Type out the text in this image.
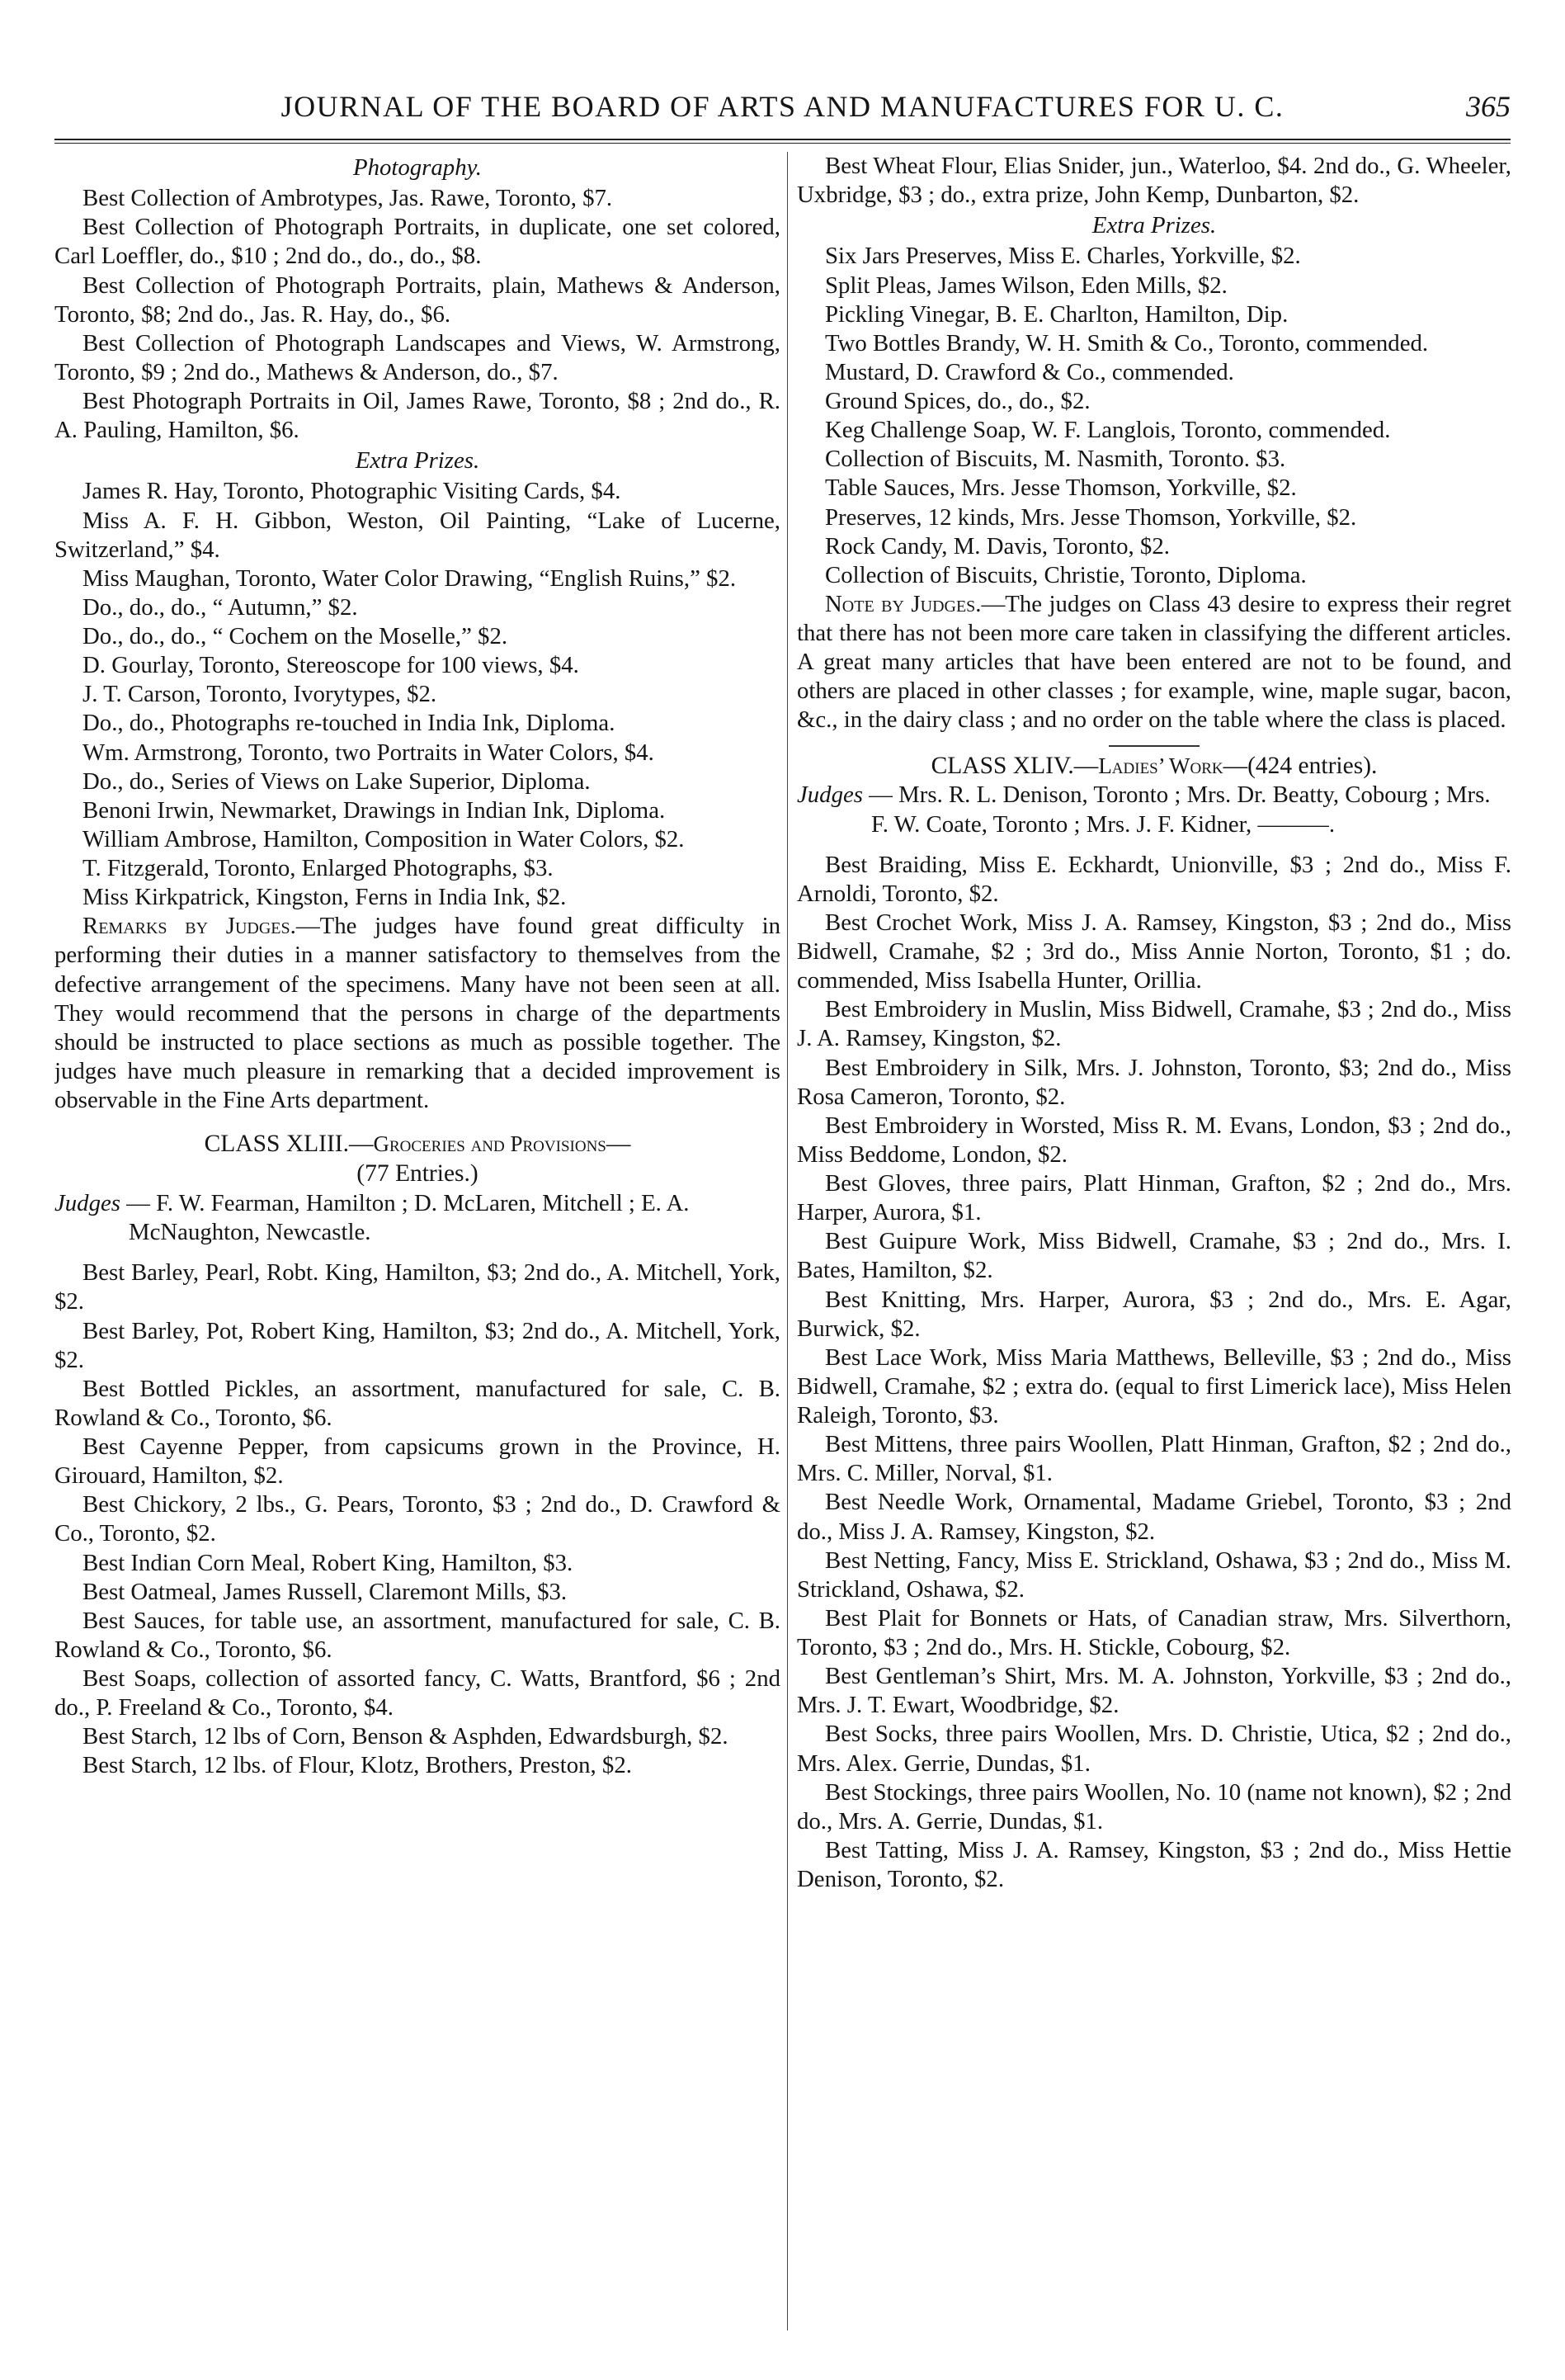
JOURNAL OF THE BOARD OF ARTS AND MANUFACTURES FOR U. C.	365

Photography.

Best Collection of Ambrotypes, Jas. Rawe, Toronto, $7.

Best Collection of Photograph Portraits, in duplicate, one set colored, Carl Loeffler, do., $10 ; 2nd do., do., do., $8.

Best Collection of Photograph Portraits, plain, Mathews & Anderson, Toronto, $8; 2nd do., Jas. R. Hay, do., $6.

Best Collection of Photograph Landscapes and Views, W. Armstrong, Toronto, $9 ; 2nd do., Mathews & Anderson, do., $7.

Best Photograph Portraits in Oil, James Rawe, Toronto, $8 ; 2nd do., R. A. Pauling, Hamilton, $6.

Extra Prizes.

James R. Hay, Toronto, Photographic Visiting Cards, $4.

Miss A. F. H. Gibbon, Weston, Oil Painting, “Lake of Lucerne, Switzerland,” $4.

Miss Maughan, Toronto, Water Color Drawing, “English Ruins,” $2.

Do., do., do., “ Autumn,” $2.

Do., do., do., “ Cochem on the Moselle,” $2.

D. Gourlay, Toronto, Stereoscope for 100 views, $4.

J. T. Carson, Toronto, Ivorytypes, $2.

Do., do., Photographs re-touched in India Ink, Diploma.

Wm. Armstrong, Toronto, two Portraits in Water Colors, $4.

Do., do., Series of Views on Lake Superior, Diploma.

Benoni Irwin, Newmarket, Drawings in Indian Ink, Diploma.

William Ambrose, Hamilton, Composition in Water Colors, $2.

T. Fitzgerald, Toronto, Enlarged Photographs, $3.

Miss Kirkpatrick, Kingston, Ferns in India Ink, $2.

Remarks by Judges.—The judges have found great difficulty in performing their duties in a manner satisfactory to themselves from the defective arrangement of the specimens. Many have not been seen at all. They would recommend that the persons in charge of the departments should be instructed to place sections as much as possible together. The judges have much pleasure in remarking that a decided improvement is observable in the Fine Arts department.

CLASS XLIII.—Groceries and Provisions—
(77 Entries.)

Judges — F. W. Fearman, Hamilton ; D. McLaren, Mitchell ; E. A. McNaughton, Newcastle.

Best Barley, Pearl, Robt. King, Hamilton, $3; 2nd do., A. Mitchell, York, $2.

Best Barley, Pot, Robert King, Hamilton, $3; 2nd do., A. Mitchell, York, $2.

Best Bottled Pickles, an assortment, manufactured for sale, C. B. Rowland & Co., Toronto, $6.

Best Cayenne Pepper, from capsicums grown in the Province, H. Girouard, Hamilton, $2.

Best Chickory, 2 lbs., G. Pears, Toronto, $3 ; 2nd do., D. Crawford & Co., Toronto, $2.

Best Indian Corn Meal, Robert King, Hamilton, $3.

Best Oatmeal, James Russell, Claremont Mills, $3.

Best Sauces, for table use, an assortment, manufactured for sale, C. B. Rowland & Co., Toronto, $6.

Best Soaps, collection of assorted fancy, C. Watts, Brantford, $6 ; 2nd do., P. Freeland & Co., Toronto, $4.

Best Starch, 12 lbs of Corn, Benson & Asphden, Edwardsburgh, $2.

Best Starch, 12 lbs. of Flour, Klotz, Brothers, Preston, $2.

Best Wheat Flour, Elias Snider, jun., Waterloo, $4. 2nd do., G. Wheeler, Uxbridge, $3 ; do., extra prize, John Kemp, Dunbarton, $2.

Extra Prizes.

Six Jars Preserves, Miss E. Charles, Yorkville, $2.

Split Pleas, James Wilson, Eden Mills, $2.

Pickling Vinegar, B. E. Charlton, Hamilton, Dip.

Two Bottles Brandy, W. H. Smith & Co., Toronto, commended.

Mustard, D. Crawford & Co., commended.

Ground Spices, do., do., $2.

Keg Challenge Soap, W. F. Langlois, Toronto, commended.

Collection of Biscuits, M. Nasmith, Toronto. $3.

Table Sauces, Mrs. Jesse Thomson, Yorkville, $2.

Preserves, 12 kinds, Mrs. Jesse Thomson, Yorkville, $2.

Rock Candy, M. Davis, Toronto, $2.

Collection of Biscuits, Christie, Toronto, Diploma.

Note by Judges.—The judges on Class 43 desire to express their regret that there has not been more care taken in classifying the different articles. A great many articles that have been entered are not to be found, and others are placed in other classes ; for example, wine, maple sugar, bacon, &c., in the dairy class ; and no order on the table where the class is placed.

CLASS XLIV.—Ladies’ Work—(424 entries).

Judges — Mrs. R. L. Denison, Toronto ; Mrs. Dr. Beatty, Cobourg ; Mrs. F. W. Coate, Toronto ; Mrs. J. F. Kidner, ———.

Best Braiding, Miss E. Eckhardt, Unionville, $3 ; 2nd do., Miss F. Arnoldi, Toronto, $2.

Best Crochet Work, Miss J. A. Ramsey, Kingston, $3 ; 2nd do., Miss Bidwell, Cramahe, $2 ; 3rd do., Miss Annie Norton, Toronto, $1 ; do. commended, Miss Isabella Hunter, Orillia.

Best Embroidery in Muslin, Miss Bidwell, Cramahe, $3 ; 2nd do., Miss J. A. Ramsey, Kingston, $2.

Best Embroidery in Silk, Mrs. J. Johnston, Toronto, $3; 2nd do., Miss Rosa Cameron, Toronto, $2.

Best Embroidery in Worsted, Miss R. M. Evans, London, $3 ; 2nd do., Miss Beddome, London, $2.

Best Gloves, three pairs, Platt Hinman, Grafton, $2 ; 2nd do., Mrs. Harper, Aurora, $1.

Best Guipure Work, Miss Bidwell, Cramahe, $3 ; 2nd do., Mrs. I. Bates, Hamilton, $2.

Best Knitting, Mrs. Harper, Aurora, $3 ; 2nd do., Mrs. E. Agar, Burwick, $2.

Best Lace Work, Miss Maria Matthews, Belleville, $3 ; 2nd do., Miss Bidwell, Cramahe, $2 ; extra do. (equal to first Limerick lace), Miss Helen Raleigh, Toronto, $3.

Best Mittens, three pairs Woollen, Platt Hinman, Grafton, $2 ; 2nd do., Mrs. C. Miller, Norval, $1.

Best Needle Work, Ornamental, Madame Griebel, Toronto, $3 ; 2nd do., Miss J. A. Ramsey, Kingston, $2.

Best Netting, Fancy, Miss E. Strickland, Oshawa, $3 ; 2nd do., Miss M. Strickland, Oshawa, $2.

Best Plait for Bonnets or Hats, of Canadian straw, Mrs. Silverthorn, Toronto, $3 ; 2nd do., Mrs. H. Stickle, Cobourg, $2.

Best Gentleman’s Shirt, Mrs. M. A. Johnston, Yorkville, $3 ; 2nd do., Mrs. J. T. Ewart, Woodbridge, $2.

Best Socks, three pairs Woollen, Mrs. D. Christie, Utica, $2 ; 2nd do., Mrs. Alex. Gerrie, Dundas, $1.

Best Stockings, three pairs Woollen, No. 10 (name not known), $2 ; 2nd do., Mrs. A. Gerrie, Dundas, $1.

Best Tatting, Miss J. A. Ramsey, Kingston, $3 ; 2nd do., Miss Hettie Denison, Toronto, $2.
